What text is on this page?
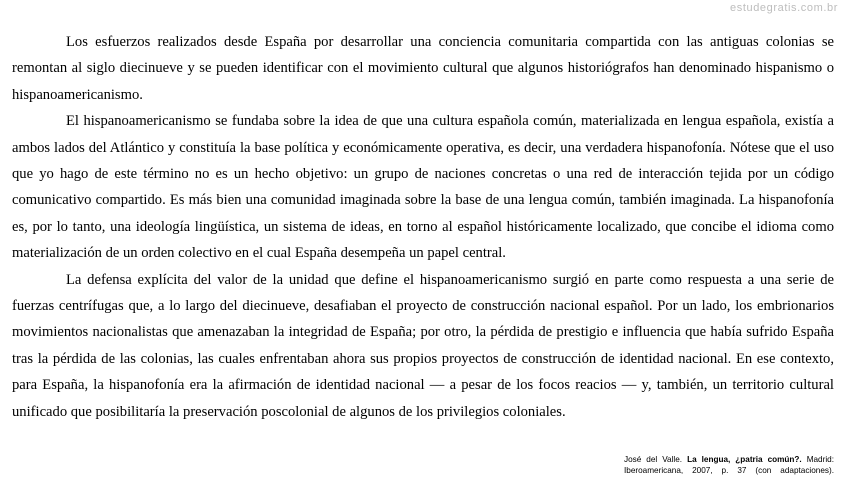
estudegratis.com.br

Los esfuerzos realizados desde España por desarrollar una conciencia comunitaria compartida con las antiguas colonias se remontan al siglo diecinueve y se pueden identificar con el movimiento cultural que algunos historiógrafos han denominado hispanismo o hispanoamericanismo.

El hispanoamericanismo se fundaba sobre la idea de que una cultura española común, materializada en lengua española, existía a ambos lados del Atlántico y constituía la base política y económicamente operativa, es decir, una verdadera hispanofonía. Nótese que el uso que yo hago de este término no es un hecho objetivo: un grupo de naciones concretas o una red de interacción tejida por un código comunicativo compartido. Es más bien una comunidad imaginada sobre la base de una lengua común, también imaginada. La hispanofonía es, por lo tanto, una ideología lingüística, un sistema de ideas, en torno al español históricamente localizado, que concibe el idioma como materialización de un orden colectivo en el cual España desempeña un papel central.

La defensa explícita del valor de la unidad que define el hispanoamericanismo surgió en parte como respuesta a una serie de fuerzas centrífugas que, a lo largo del diecinueve, desafiaban el proyecto de construcción nacional español. Por un lado, los embrionarios movimientos nacionalistas que amenazaban la integridad de España; por otro, la pérdida de prestigio e influencia que había sufrido España tras la pérdida de las colonias, las cuales enfrentaban ahora sus propios proyectos de construcción de identidad nacional. En ese contexto, para España, la hispanofonía era la afirmación de identidad nacional — a pesar de los focos reacios — y, también, un territorio cultural unificado que posibilitaría la preservación poscolonial de algunos de los privilegios coloniales.

José del Valle. La lengua, ¿patria común?. Madrid:
Iberoamericana, 2007, p. 37 (con adaptaciones).
